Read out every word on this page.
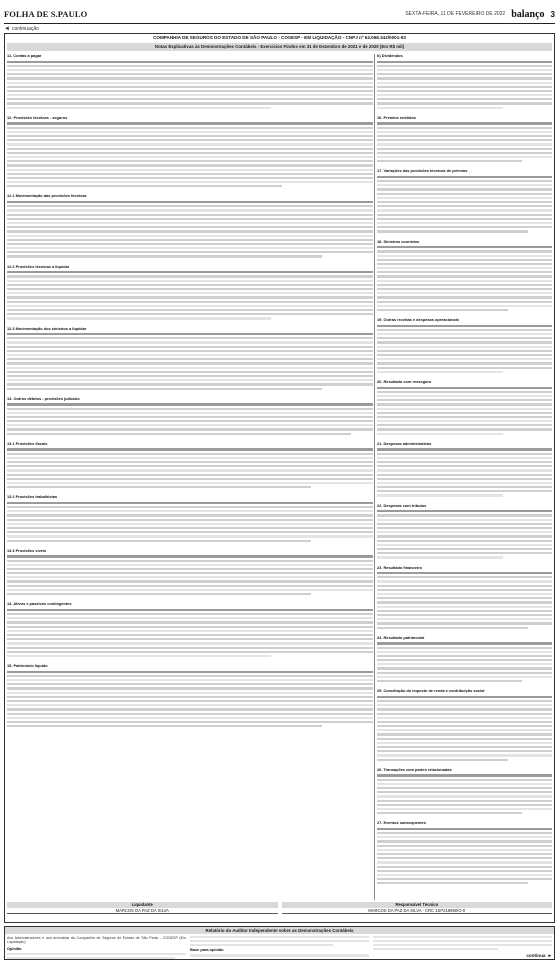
FOLHA DE S.PAULO	SEXTA-FEIRA, 11 DE FEVEREIRO DE 2022 balanço 3
◄ continuação
COMPANHIA DE SEGUROS DO ESTADO DE SÃO PAULO - COSESP - EM LIQUIDAÇÃO - CNPJ nº 62.068.342/0001-93
Notas Explicativas às Demonstrações Contábeis - Exercícios Findos em 31 de Dezembro de 2021 e de 2020 (Em R$ mil)
11. Contas a pagar
12. Provisões técnicas - seguros
12.1 Movimentação das provisões técnicas
12.2 Provisões técnicas a liquidar
12.3 Movimentação dos sinistros a liquidar
13. Outros débitos - provisões judiciais
13.1 Provisões fiscais
13.2 Provisões trabalhistas
13.3 Provisões cíveis
14. Ativos e passivos contingentes
15. Patrimônio líquido
b) Dividendos
16. Prêmios emitidos
17. Variações das provisões técnicas de prêmios
18. Sinistros ocorridos
19. Outras receitas e despesas operacionais
20. Resultado com resseguro
21. Despesas administrativas
22. Despesas com tributos
23. Resultado financeiro
24. Resultado patrimonial
25. Conciliação do imposto de renda e contribuição social
26. Transações com partes relacionadas
27. Eventos subsequentes
Liquidante
MARCOS DA PAZ DA SILVA
Responsável Técnico
MARCOS DA PAZ DA SILVA - CRC 1SP218960/O-0
Relatório do Auditor Independente sobre as Demonstrações Contábeis
Aos Administradores e aos acionistas da Companhia de Seguros do Estado de São Paulo - COSESP (Em Liquidação)
Opinião	Base para opinião
continua ►
